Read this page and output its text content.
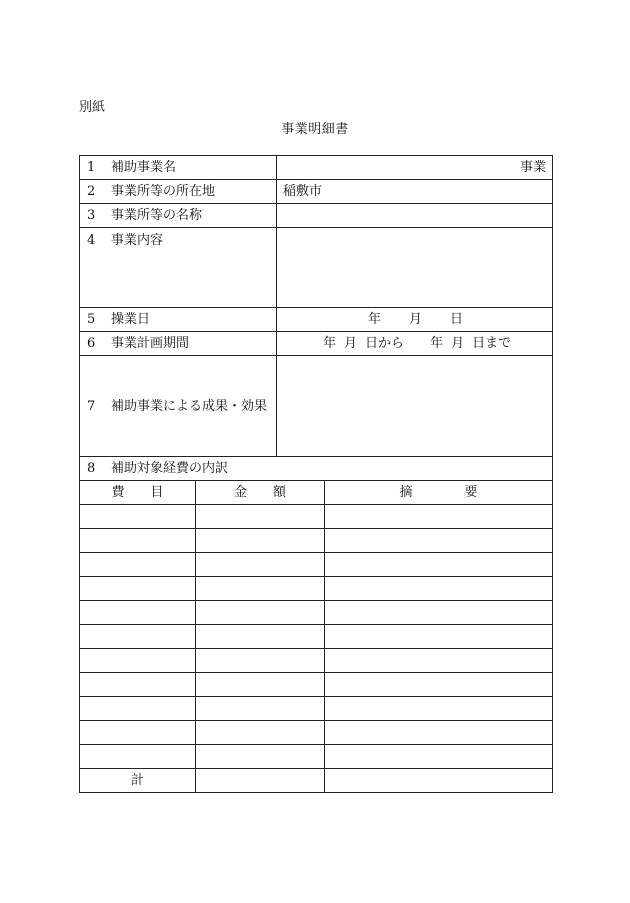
別紙
事業明細書
1 補助事業名		事業	
2 事業所等の所在地		稲敷市	
3 事業所等の名称			
4 事業内容			
5 操業日		年 月 日	

6 事業計画期間		年 月 日から 年 月 日まで	

7 補助事業による成果・効果			
8 補助対象経費の内訳			
費　　目	金　　額		摘　　　　要

計			
